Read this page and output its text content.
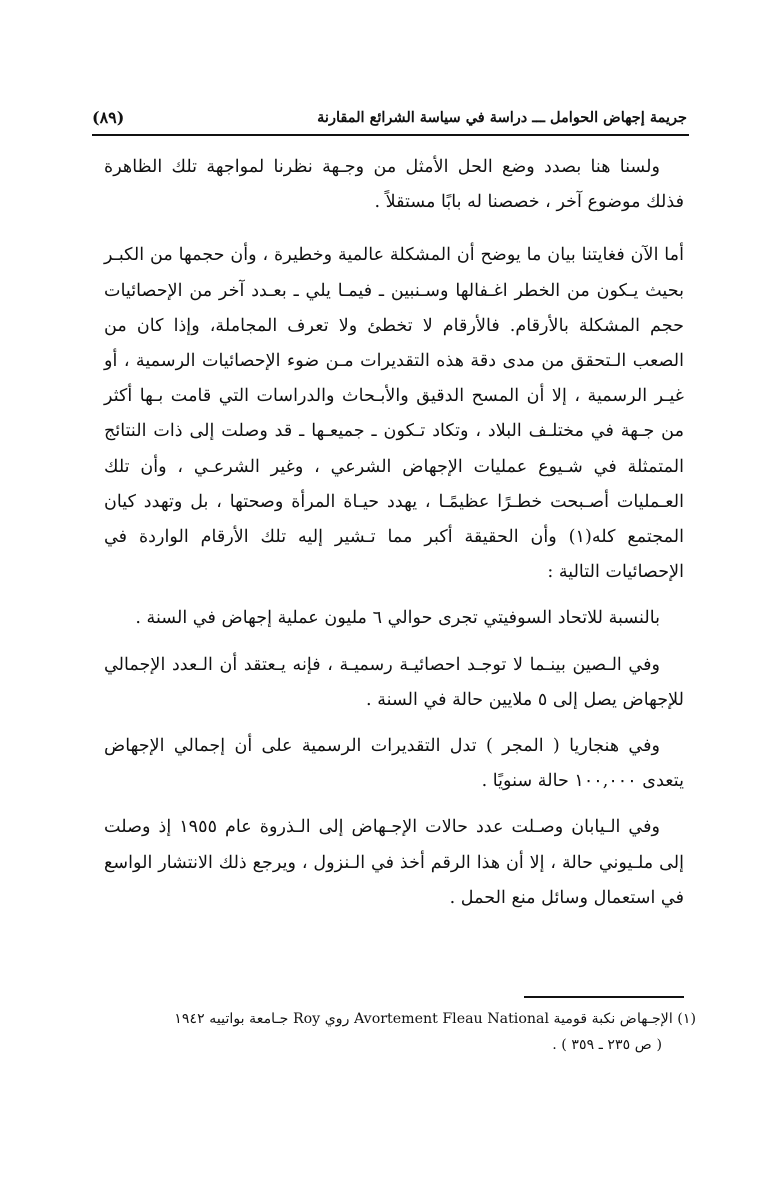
جريمة إجهاض الحوامل ـــ دراسة في سياسة الشرائع المقارنة
(٨٩)

ولسنا هنا بصدد وضع الحل الأمثل من وجـهة نظرنا لمواجهة تلك الظاهرة فذلك موضوع آخر ، خصصنا له بابًا مستقلاً .

أما الآن فغايتنا بيان ما يوضح أن المشكلة عالمية وخطيرة ، وأن حجمها من الكبـر بحيث يـكون من الخطر اغـفالها وسـنبين ـ فيمـا يلي ـ بعـدد آخر من الإحصائيات حجم المشكلة بالأرقام. فالأرقام لا تخطئ ولا تعرف المجاملة، وإذا كان من الصعب الـتحقق من مدى دقة هذه التقديرات مـن ضوء الإحصائيات الرسمية ، أو غيـر الرسمية ، إلا أن المسح الدقيق والأبـحاث والدراسات التي قامت بـها أكثر من جـهة في مختلـف البلاد ، وتكاد تـكون ـ جميعـها ـ قد وصلت إلى ذات النتائج المتمثلة في شـيوع عمليات الإجهاض الشرعي ، وغير الشرعـي ، وأن تلك العـمليات أصـبحت خطـرًا عظيمًـا ، يهدد حيـاة المرأة وصحتها ، بل وتهدد كيان المجتمع كله(١) وأن الحقيقة أكبر مما تـشير إليه تلك الأرقام الواردة في الإحصائيات التالية :

بالنسبة للاتحاد السوفيتي تجرى حوالي ٦ مليون عملية إجهاض في السنة .

وفي الـصين بينـما لا توجـد احصائيـة رسميـة ، فإنه يـعتقد أن الـعدد الإجمالي للإجهاض يصل إلى ٥ ملايين حالة في السنة .

وفي هنجاريا ( المجر ) تدل التقديرات الرسمية على أن إجمالي الإجهاض يتعدى ١٠٠,٠٠٠ حالة سنويًا .

وفي الـيابان وصـلت عدد حالات الإجـهاض إلى الـذروة عام ١٩٥٥ إذ وصلت إلى ملـيوني حالة ، إلا أن هذا الرقم أخذ في الـنزول ، ويرجع ذلك الانتشار الواسع في استعمال وسائل منع الحمل .

(١) الإجـهاض نكبة قومية Avortement Fleau National روي Roy جـامعة بواتييه ١٩٤٢
( ص ٢٣٥ ـ ٣٥٩ ) .
